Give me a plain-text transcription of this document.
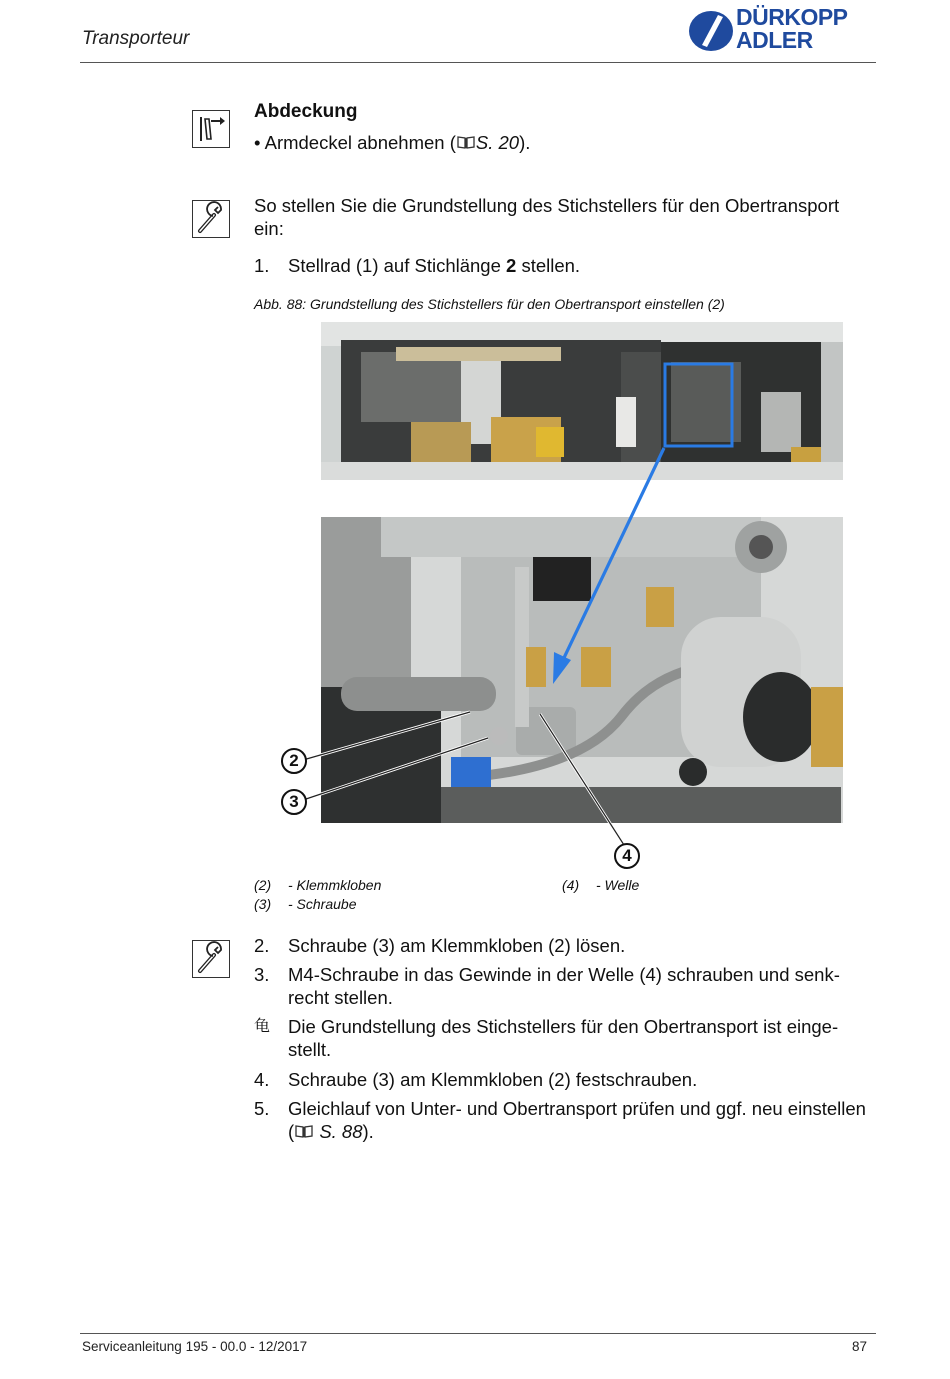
Transporteur
DÜRKOPP
ADLER
Abdeckung
• Armdeckel abnehmen ( S. 20).
So stellen Sie die Grundstellung des Stichstellers für den Obertransport ein:
1. Stellrad (1) auf Stichlänge 2 stellen.
Abb. 88: Grundstellung des Stichstellers für den Obertransport einstellen (2)
2
3
4
(2) - Klemmkloben
(3) - Schraube
(4) - Welle
2. Schraube (3) am Klemmkloben (2) lösen.
3. M4-Schraube in das Gewinde in der Welle (4) schrauben und senk-
recht stellen.
⻳ Die Grundstellung des Stichstellers für den Obertransport ist einge-
stellt.
4. Schraube (3) am Klemmkloben (2) festschrauben.
5. Gleichlauf von Unter- und Obertransport prüfen und ggf. neu einstellen
( S. 88).
Serviceanleitung 195 - 00.0 - 12/2017	87
